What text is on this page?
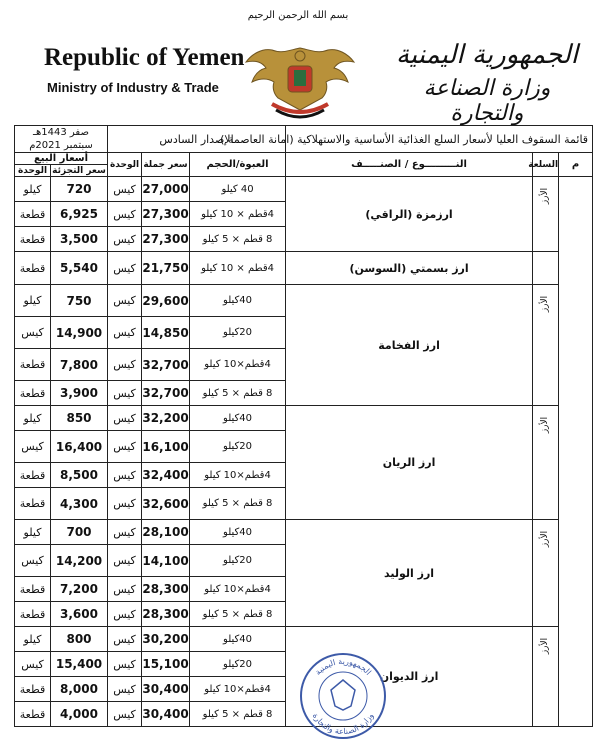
بسم الله الرحمن الرحيم
Republic of Yemen
Ministry of Industry & Trade
الجمهورية اليمنية
وزارة الصناعة والتجارة
صفر 1443هـ
سبتمبر 2021م		الإصدار السادس			قائمة السقوف العليا لأسعار السلع الغذائية الأساسية والاستهلاكية (امانة العاصمة )		
أسعار البيع		الوحدة	سعر جملة	العبوة/الحجم	النـــــــــوع / الصنـــــف	السلعة	م
الوحدة	سعر التجزئة						
كيلو	720	كيس	27,000	40 كيلو	ارزمزة (الراقي)	الأرز	
قطعة	6,925	كيس	27,300	4قطم × 10 كيلو			
قطعة	3,500	كيس	27,300	8 قطم × 5 كيلو			
قطعة	5,540	كيس	21,750	4قطم × 10 كيلو	ارز بسمتي (السوسن)		
كيلو	750	كيس	29,600	40كيلو	ارز الفخامة	الأرز	
كيس	14,900	كيس	14,850	20كيلو			
قطعة	7,800	كيس	32,700	4قطم×10 كيلو			
قطعة	3,900	كيس	32,700	8 قطم × 5 كيلو			
كيلو	850	كيس	32,200	40كيلو	ارز الريان	الأرز	
كيس	16,400	كيس	16,100	20كيلو			
قطعة	8,500	كيس	32,400	4قطم×10 كيلو			
قطعة	4,300	كيس	32,600	8 قطم × 5 كيلو			
كيلو	700	كيس	28,100	40كيلو	ارز الوليد	الأرز	
كيس	14,200	كيس	14,100	20كيلو			
قطعة	7,200	كيس	28,300	4قطم×10 كيلو			
قطعة	3,600	كيس	28,300	8 قطم × 5 كيلو			
كيلو	800	كيس	30,200	40كيلو	ارز الديوان	الأرز	
كيس	15,400	كيس	15,100	20كيلو			
قطعة	8,000	كيس	30,400	4قطم×10 كيلو			
قطعة	4,000	كيس	30,400	8 قطم × 5 كيلو			
الجمهورية اليمنية
وزارة الصناعة والتجارة
